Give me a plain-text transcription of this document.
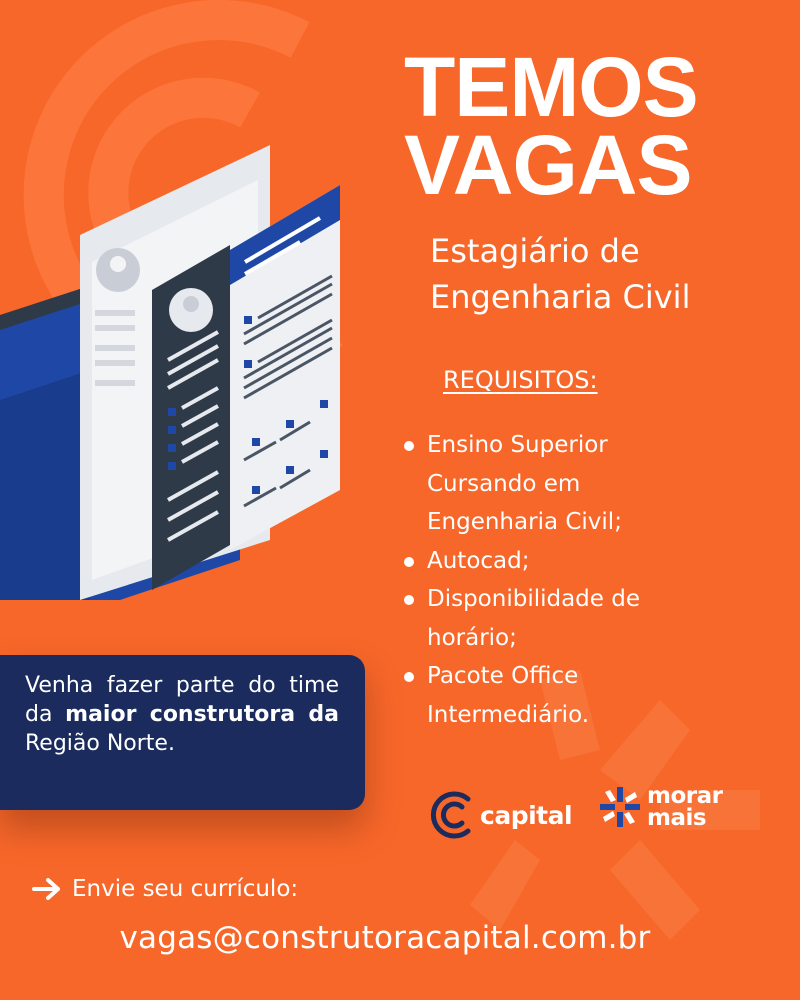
TEMOS
VAGAS
Estagiário de
Engenharia Civil
REQUISITOS:
Ensino Superior Cursando em Engenharia Civil;
Autocad;
Disponibilidade de horário;
Pacote Office Intermediário.

Venha fazer parte do time da maior construtora da Região Norte.

capital
morar
mais
Envie seu currículo:
vagas@construtoracapital.com.br
